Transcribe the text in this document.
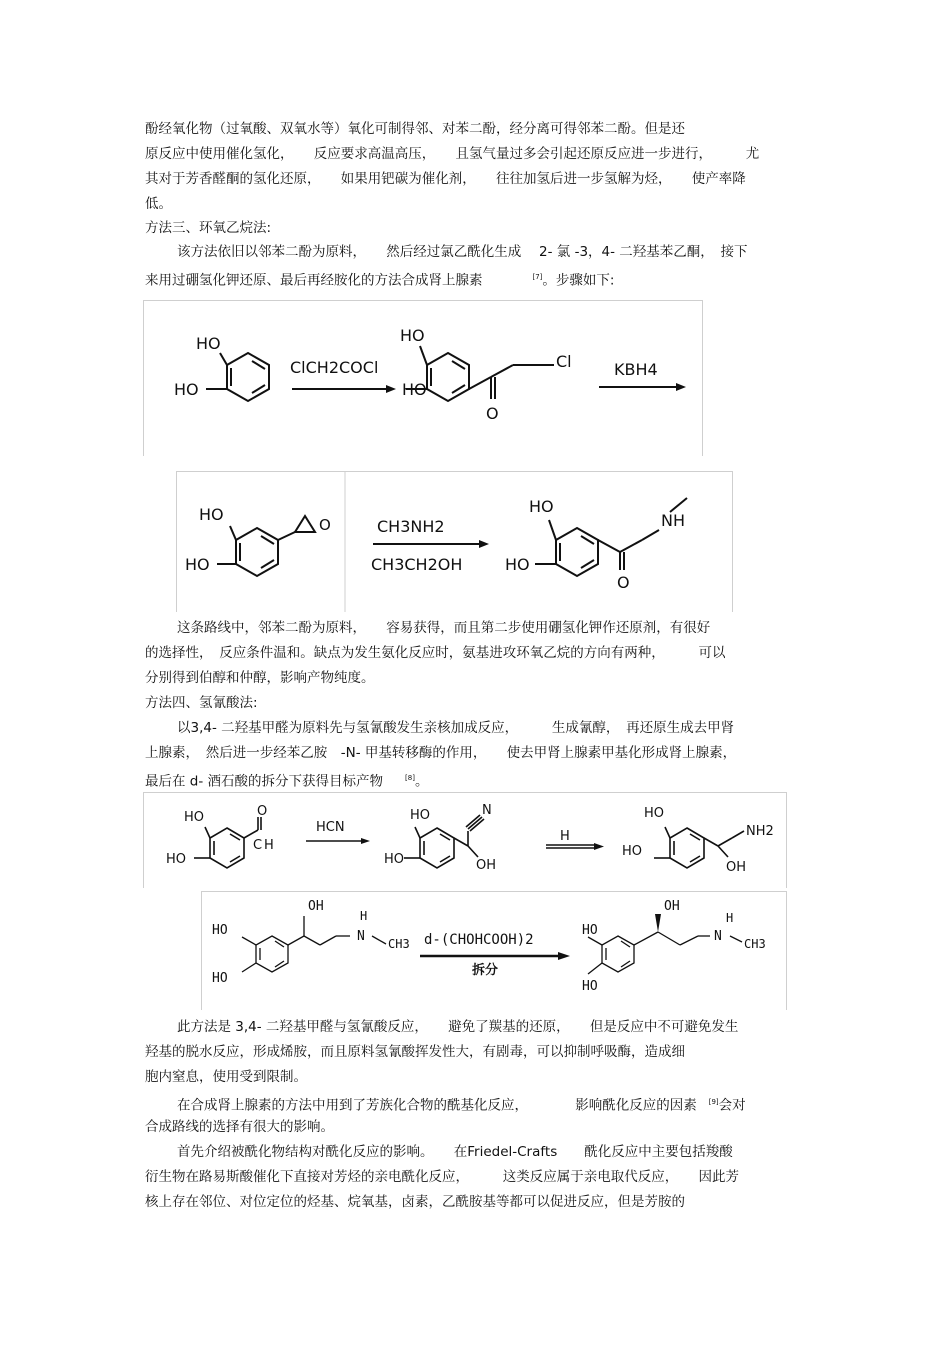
酚经氧化物（过氧酸、双氧水等）氧化可制得邻、对苯二酚，经分离可得邻苯二酚。但是还
原反应中使用催化氢化，　　反应要求高温高压，　　且氢气量过多会引起还原反应进一步进行，　　　尤
其对于芳香醛酮的氢化还原，　　如果用钯碳为催化剂，　　往往加氢后进一步氢解为烃，　　使产率降
低。
方法三、环氧乙烷法:
该方法依旧以邻苯二酚为原料，　　然后经过氯乙酰化生成　 2- 氯 -3，4- 二羟基苯乙酮，　接下
来用过硼氢化钾还原、最后再经胺化的方法合成肾上腺素	[7]。步骤如下:
HO
HO
ClCH2COCl
HO
HO
Cl
O
KBH4
HO
HO
O	CH3NH2
CH3CH2OH
HO
HO
O
NH
这条路线中，邻苯二酚为原料，　　容易获得，而且第二步使用硼氢化钾作还原剂，有很好
的选择性，　反应条件温和。缺点为发生氨化反应时，氨基进攻环氧乙烷的方向有两种，　　　可以
分别得到伯醇和仲醇，影响产物纯度。
方法四、氢氰酸法:
以3,4- 二羟基甲醛为原料先与氢氰酸发生亲核加成反应，　　　生成氰醇，　再还原生成去甲肾
上腺素，　然后进一步经苯乙胺　-N- 甲基转移酶的作用，　　使去甲肾上腺素甲基化形成肾上腺素，
最后在 d- 酒石酸的拆分下获得目标产物	[8]。
HO
HO
O
C H
HCN
HO
HO
N
OH
H
HO
HO
NH2
OH
OH
HO
HO
H
N CH3 d-(CHOHCOOH)2
拆分
OH
HO
HO
H
N CH3
此方法是 3,4- 二羟基甲醛与氢氰酸反应，　　避免了羰基的还原，　　但是反应中不可避免发生
羟基的脱水反应，形成烯胺，而且原料氢氰酸挥发性大，有剧毒，可以抑制呼吸酶，造成细
胞内窒息，使用受到限制。
在合成肾上腺素的方法中用到了芳族化合物的酰基化反应，　　　　影响酰化反应的因素 [9]会对
合成路线的选择有很大的影响。
首先介绍被酰化物结构对酰化反应的影响。　　在Friedel-Crafts　　酰化反应中主要包括羧酸
衍生物在路易斯酸催化下直接对芳烃的亲电酰化反应，　　　这类反应属于亲电取代反应，　　因此芳
核上存在邻位、对位定位的烃基、烷氧基，卤素，乙酰胺基等都可以促进反应，但是芳胺的
